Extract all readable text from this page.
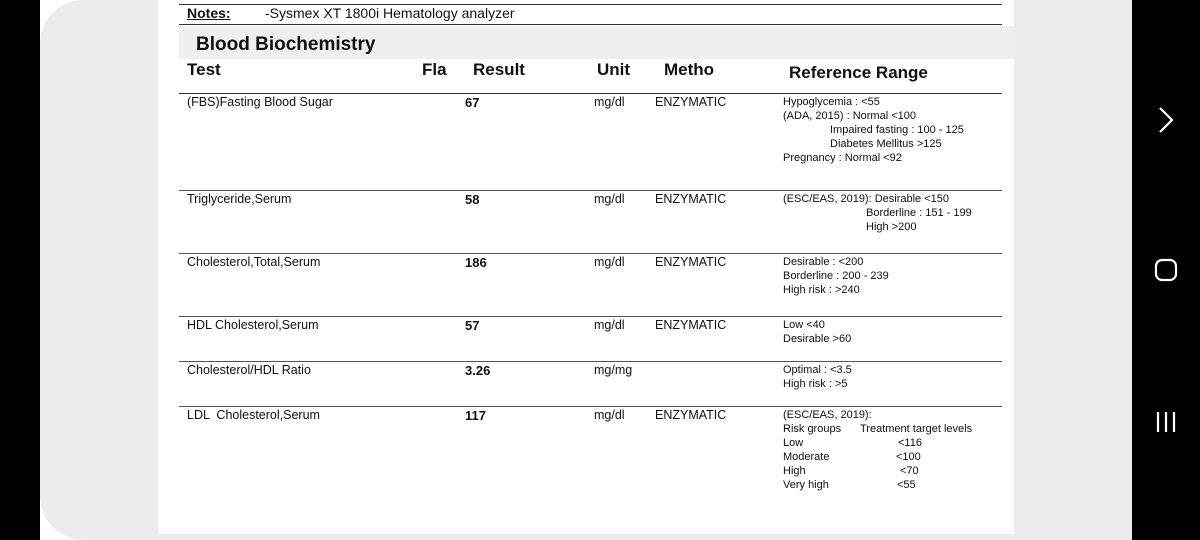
Notes: -Sysmex XT 1800i Hematology analyzer
Blood Biochemistry
Test	Fla Result	Unit Metho	Reference Range
(FBS)Fasting Blood Sugar	67	mg/dl ENZYMATIC	Hypoglycemia : <55
(ADA, 2015) : Normal <100
Impaired fasting : 100 - 125
Diabetes Mellitus >125
Pregnancy : Normal <92
Triglyceride,Serum	58	mg/dl ENZYMATIC	(ESC/EAS, 2019): Desirable <150
Borderline : 151 - 199
High >200
Cholesterol,Total,Serum	186	mg/dl ENZYMATIC	Desirable : <200
Borderline : 200 - 239
High risk : >240
HDL Cholesterol,Serum	57	mg/dl ENZYMATIC	Low <40
Desirable >60
Cholesterol/HDL Ratio	3.26	mg/mg	Optimal : <3.5
High risk : >5
LDL  Cholesterol,Serum	117	mg/dl ENZYMATIC	(ESC/EAS, 2019):
Risk groups Treatment target levels
Low	<116
Moderate	<100
High	<70
Very high	<55
